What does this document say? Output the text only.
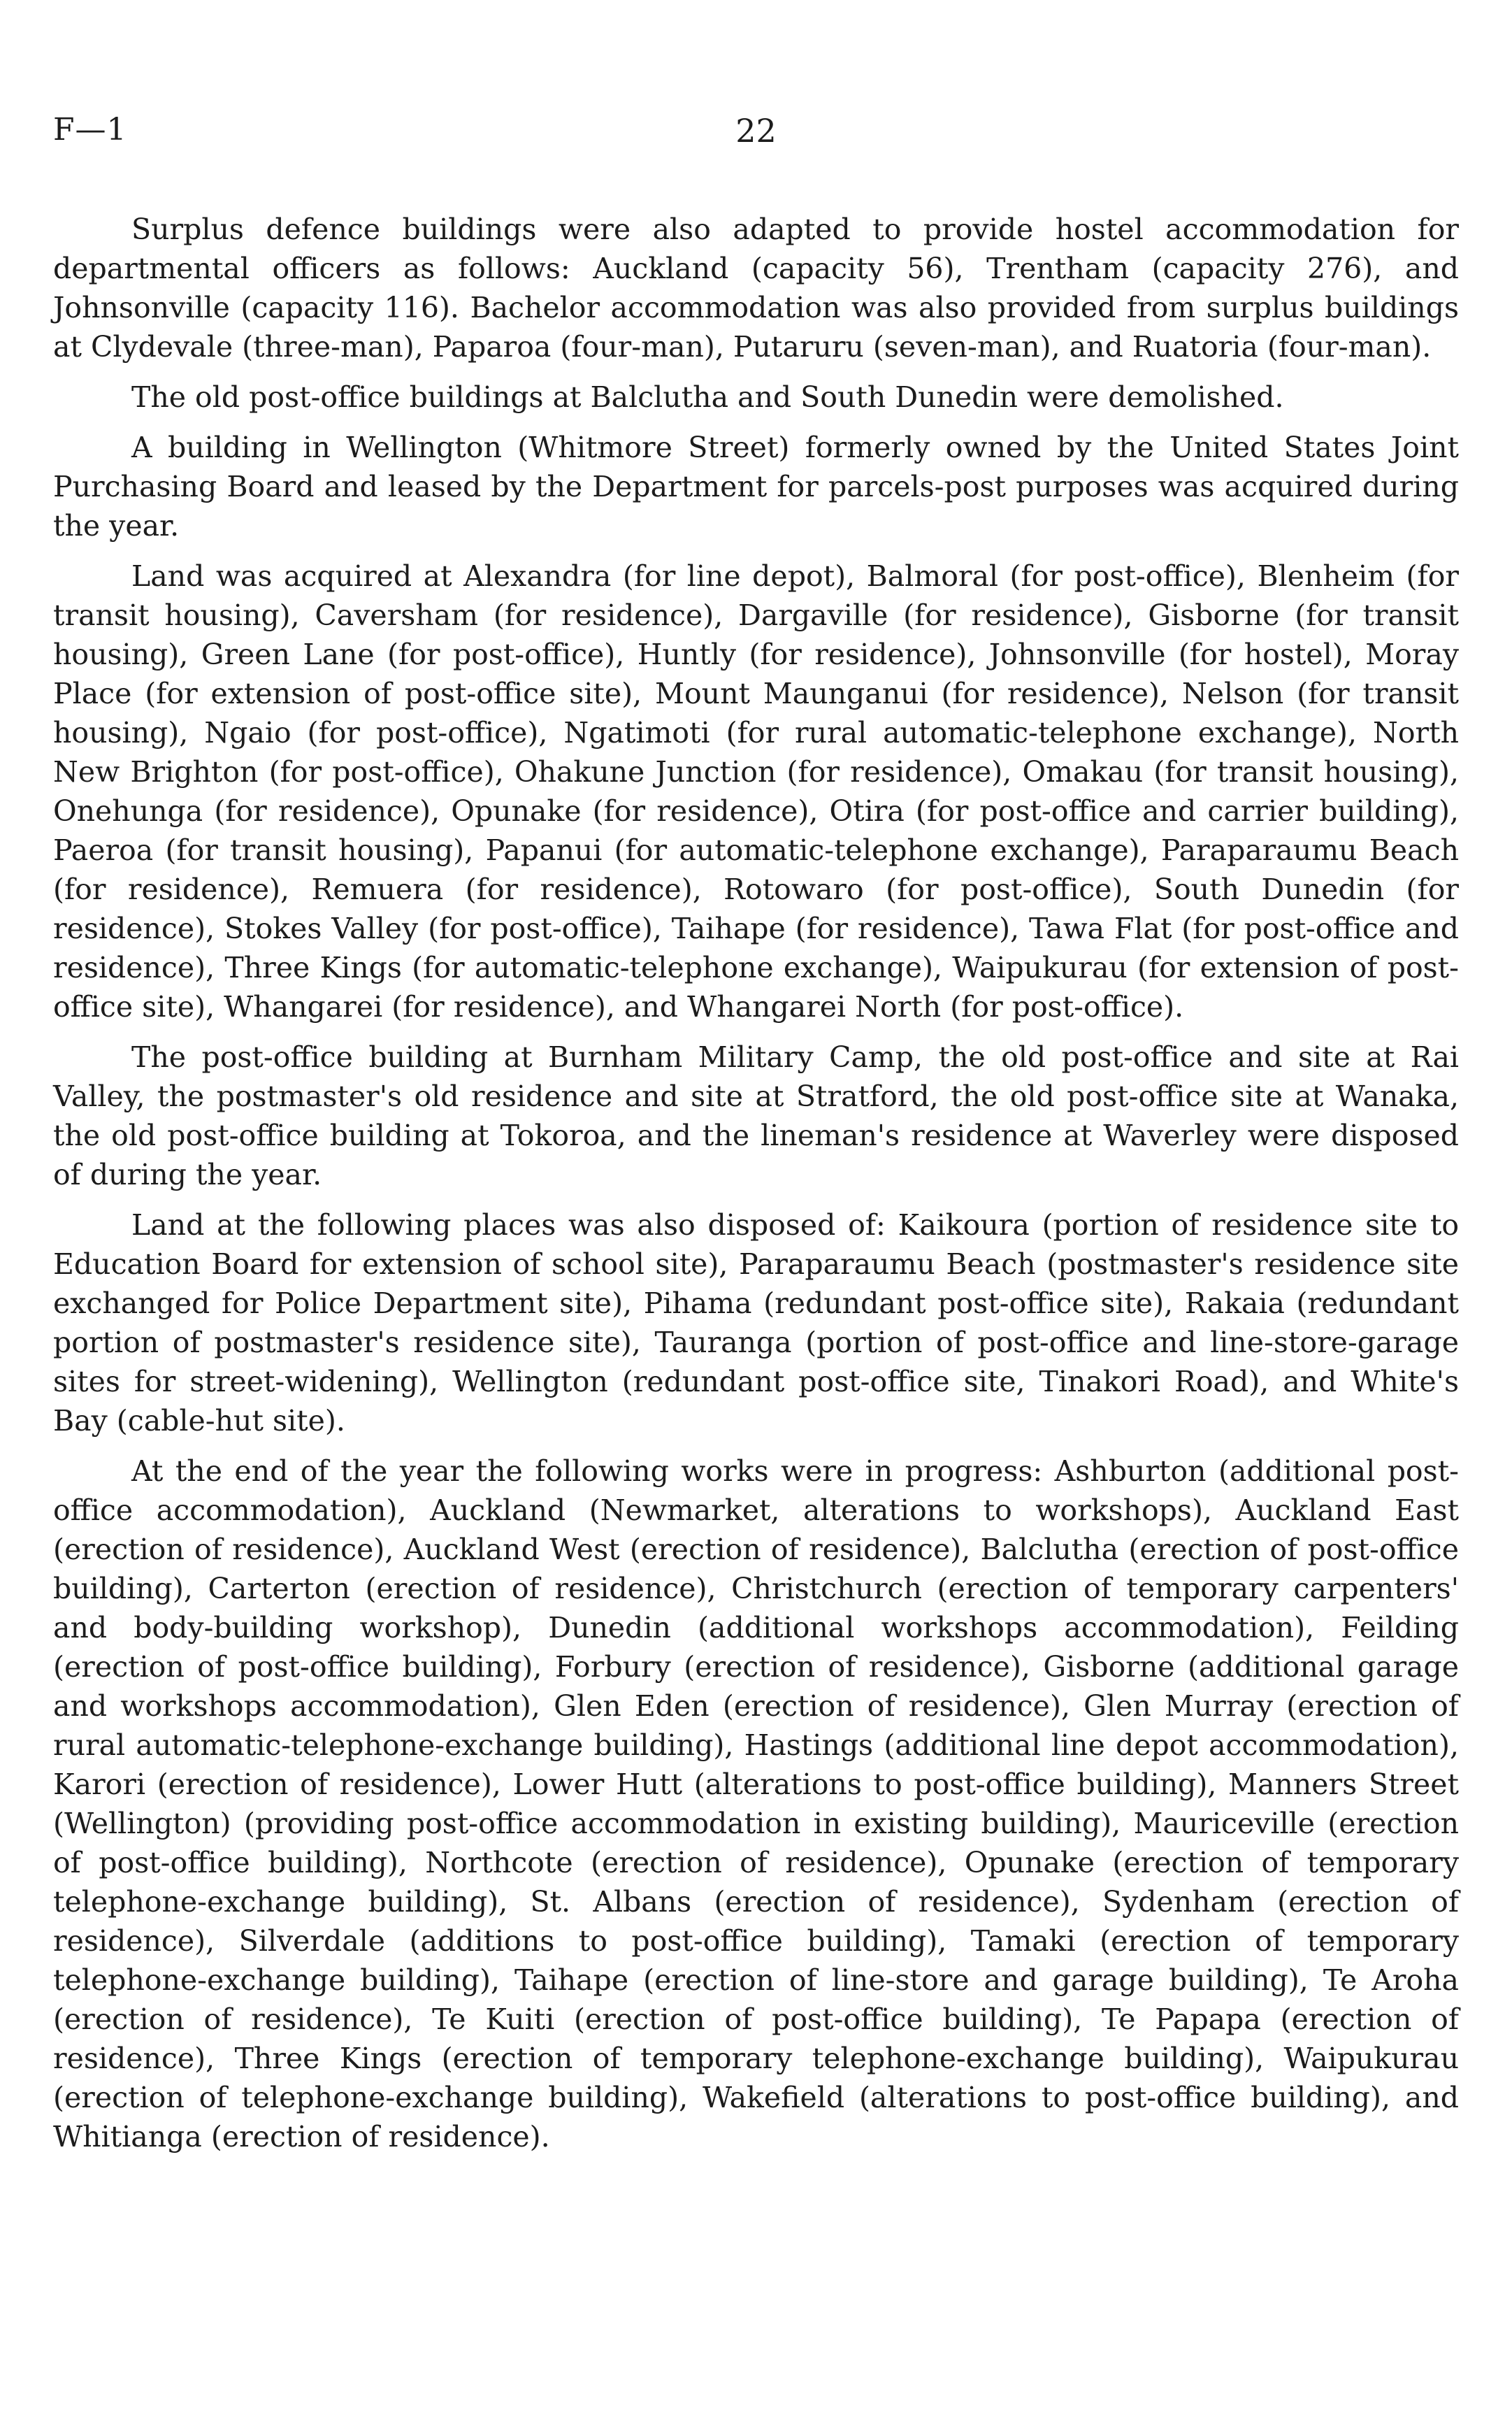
F—1	22

Surplus defence buildings were also adapted to provide hostel accommodation for departmental officers as follows: Auckland (capacity 56), Trentham (capacity 276), and Johnsonville (capacity 116). Bachelor accommodation was also provided from surplus buildings at Clydevale (three-man), Paparoa (four-man), Putaruru (seven-man), and Ruatoria (four-man).

The old post-office buildings at Balclutha and South Dunedin were demolished.

A building in Wellington (Whitmore Street) formerly owned by the United States Joint Purchasing Board and leased by the Department for parcels-post purposes was acquired during the year.

Land was acquired at Alexandra (for line depot), Balmoral (for post-office), Blenheim (for transit housing), Caversham (for residence), Dargaville (for residence), Gisborne (for transit housing), Green Lane (for post-office), Huntly (for residence), Johnsonville (for hostel), Moray Place (for extension of post-office site), Mount Maunganui (for residence), Nelson (for transit housing), Ngaio (for post-office), Ngatimoti (for rural automatic-telephone exchange), North New Brighton (for post-office), Ohakune Junction (for residence), Omakau (for transit housing), Onehunga (for residence), Opunake (for residence), Otira (for post-office and carrier building), Paeroa (for transit housing), Papanui (for automatic-telephone exchange), Paraparaumu Beach (for residence), Remuera (for residence), Rotowaro (for post-office), South Dunedin (for residence), Stokes Valley (for post-office), Taihape (for residence), Tawa Flat (for post-office and residence), Three Kings (for automatic-telephone exchange), Waipukurau (for extension of post-office site), Whangarei (for residence), and Whangarei North (for post-office).

The post-office building at Burnham Military Camp, the old post-office and site at Rai Valley, the postmaster's old residence and site at Stratford, the old post-office site at Wanaka, the old post-office building at Tokoroa, and the lineman's residence at Waverley were disposed of during the year.

Land at the following places was also disposed of: Kaikoura (portion of residence site to Education Board for extension of school site), Paraparaumu Beach (postmaster's residence site exchanged for Police Department site), Pihama (redundant post-office site), Rakaia (redundant portion of postmaster's residence site), Tauranga (portion of post-office and line-store-garage sites for street-widening), Wellington (redundant post-office site, Tinakori Road), and White's Bay (cable-hut site).

At the end of the year the following works were in progress: Ashburton (additional post-office accommodation), Auckland (Newmarket, alterations to workshops), Auckland East (erection of residence), Auckland West (erection of residence), Balclutha (erection of post-office building), Carterton (erection of residence), Christchurch (erection of temporary carpenters' and body-building workshop), Dunedin (additional workshops accommodation), Feilding (erection of post-office building), Forbury (erection of residence), Gisborne (additional garage and workshops accommodation), Glen Eden (erection of residence), Glen Murray (erection of rural automatic-telephone-exchange building), Hastings (additional line depot accommodation), Karori (erection of residence), Lower Hutt (alterations to post-office building), Manners Street (Wellington) (providing post-office accommodation in existing building), Mauriceville (erection of post-office building), Northcote (erection of residence), Opunake (erection of temporary telephone-exchange building), St. Albans (erection of residence), Sydenham (erection of residence), Silverdale (additions to post-office building), Tamaki (erection of temporary telephone-exchange building), Taihape (erection of line-store and garage building), Te Aroha (erection of residence), Te Kuiti (erection of post-office building), Te Papapa (erection of residence), Three Kings (erection of temporary telephone-exchange building), Waipukurau (erection of telephone-exchange building), Wakefield (alterations to post-office building), and Whitianga (erection of residence).
